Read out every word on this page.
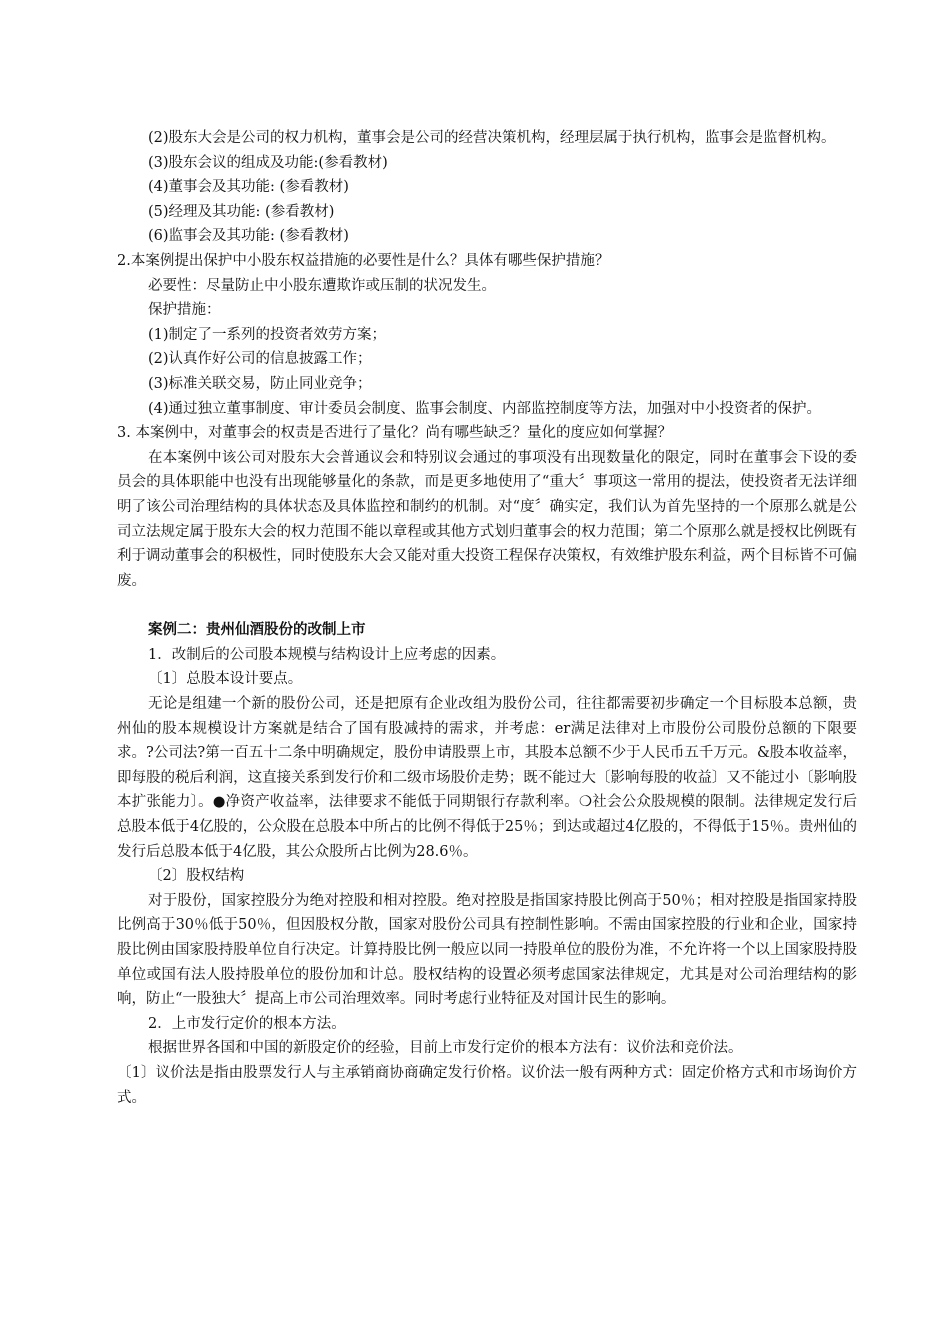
(2)股东大会是公司的权力机构，董事会是公司的经营决策机构，经理层属于执行机构，监事会是监督机构。

(3)股东会议的组成及功能:(参看教材)

(4)董事会及其功能: (参看教材)

(5)经理及其功能: (参看教材)

(6)监事会及其功能: (参看教材)

2.本案例提出保护中小股东权益措施的必要性是什么？具体有哪些保护措施？

必要性：尽量防止中小股东遭欺诈或压制的状况发生。

保护措施：

(1)制定了一系列的投资者效劳方案；

(2)认真作好公司的信息披露工作；

(3)标准关联交易，防止同业竞争；

(4)通过独立董事制度、审计委员会制度、监事会制度、内部监控制度等方法，加强对中小投资者的保护。

3. 本案例中，对董事会的权责是否进行了量化？尚有哪些缺乏？量化的度应如何掌握？

在本案例中该公司对股东大会普通议会和特别议会通过的事项没有出现数量化的限定，同时在董事会下设的委员会的具体职能中也没有出现能够量化的条款，而是更多地使用了“重大〞事项这一常用的提法，使投资者无法详细明了该公司治理结构的具体状态及具体监控和制约的机制。对“度〞确实定，我们认为首先坚持的一个原那么就是公司立法规定属于股东大会的权力范围不能以章程或其他方式划归董事会的权力范围；第二个原那么就是授权比例既有利于调动董事会的积极性，同时使股东大会又能对重大投资工程保存决策权，有效维护股东利益，两个目标皆不可偏废。

案例二：贵州仙酒股份的改制上市

1．改制后的公司股本规模与结构设计上应考虑的因素。

〔1〕总股本设计要点。

无论是组建一个新的股份公司，还是把原有企业改组为股份公司，往往都需要初步确定一个目标股本总额，贵州仙的股本规模设计方案就是结合了国有股减持的需求，并考虑：er满足法律对上市股份公司股份总额的下限要求。?公司法?第一百五十二条中明确规定，股份申请股票上市，其股本总额不少于人民币五千万元。&股本收益率，即每股的税后利润，这直接关系到发行价和二级市场股价走势；既不能过大〔影响每股的收益〕又不能过小〔影响股本扩张能力〕。●净资产收益率，法律要求不能低于同期银行存款利率。❍社会公众股规模的限制。法律规定发行后总股本低于4亿股的，公众股在总股本中所占的比例不得低于25％；到达或超过4亿股的，不得低于15％。贵州仙的发行后总股本低于4亿股，其公众股所占比例为28.6％。

〔2〕股权结构

对于股份，国家控股分为绝对控股和相对控股。绝对控股是指国家持股比例高于50％；相对控股是指国家持股比例高于30％低于50％，但因股权分散，国家对股份公司具有控制性影响。不需由国家控股的行业和企业，国家持股比例由国家股持股单位自行决定。计算持股比例一般应以同一持股单位的股份为准，不允许将一个以上国家股持股单位或国有法人股持股单位的股份加和计总。股权结构的设置必须考虑国家法律规定，尤其是对公司治理结构的影响，防止“一股独大〞提高上市公司治理效率。同时考虑行业特征及对国计民生的影响。

2．上市发行定价的根本方法。

根据世界各国和中国的新股定价的经验，目前上市发行定价的根本方法有：议价法和竞价法。

〔1〕议价法是指由股票发行人与主承销商协商确定发行价格。议价法一般有两种方式：固定价格方式和市场询价方式。
